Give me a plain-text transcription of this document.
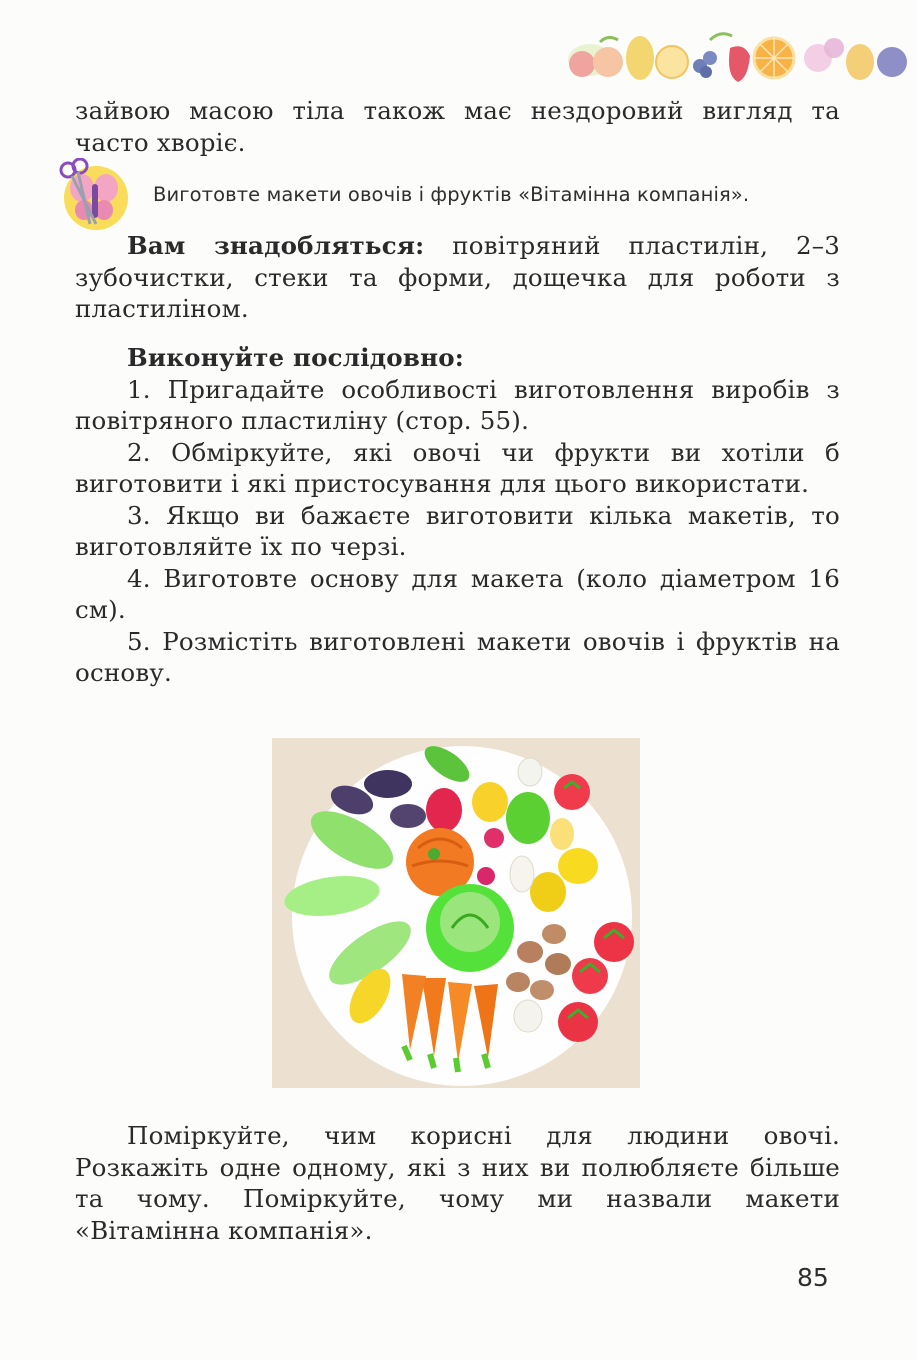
зайвою масою тіла також має нездоровий вигляд та часто хворіє.

Виготовте макети овочів і фруктів «Вітамінна компанія».

Вам знадобляться: повітряний пластилін, 2–3 зубочистки, стеки та форми, дощечка для роботи з пластиліном.

Виконуйте послідовно:

1. Пригадайте особливості виготовлення виробів з повітряного пластиліну (стор. 55).

2. Обміркуйте, які овочі чи фрукти ви хотіли б виготовити і які пристосування для цього використати.

3. Якщо ви бажаєте виготовити кілька макетів, то виготовляйте їх по черзі.

4. Виготовте основу для макета (коло діаметром 16 см).

5. Розмістіть виготовлені макети овочів і фруктів на основу.

Поміркуйте, чим корисні для людини овочі. Розкажіть одне одному, які з них ви полюбляєте більше та чому. Поміркуйте, чому ми назвали макети «Вітамінна компанія».

85
